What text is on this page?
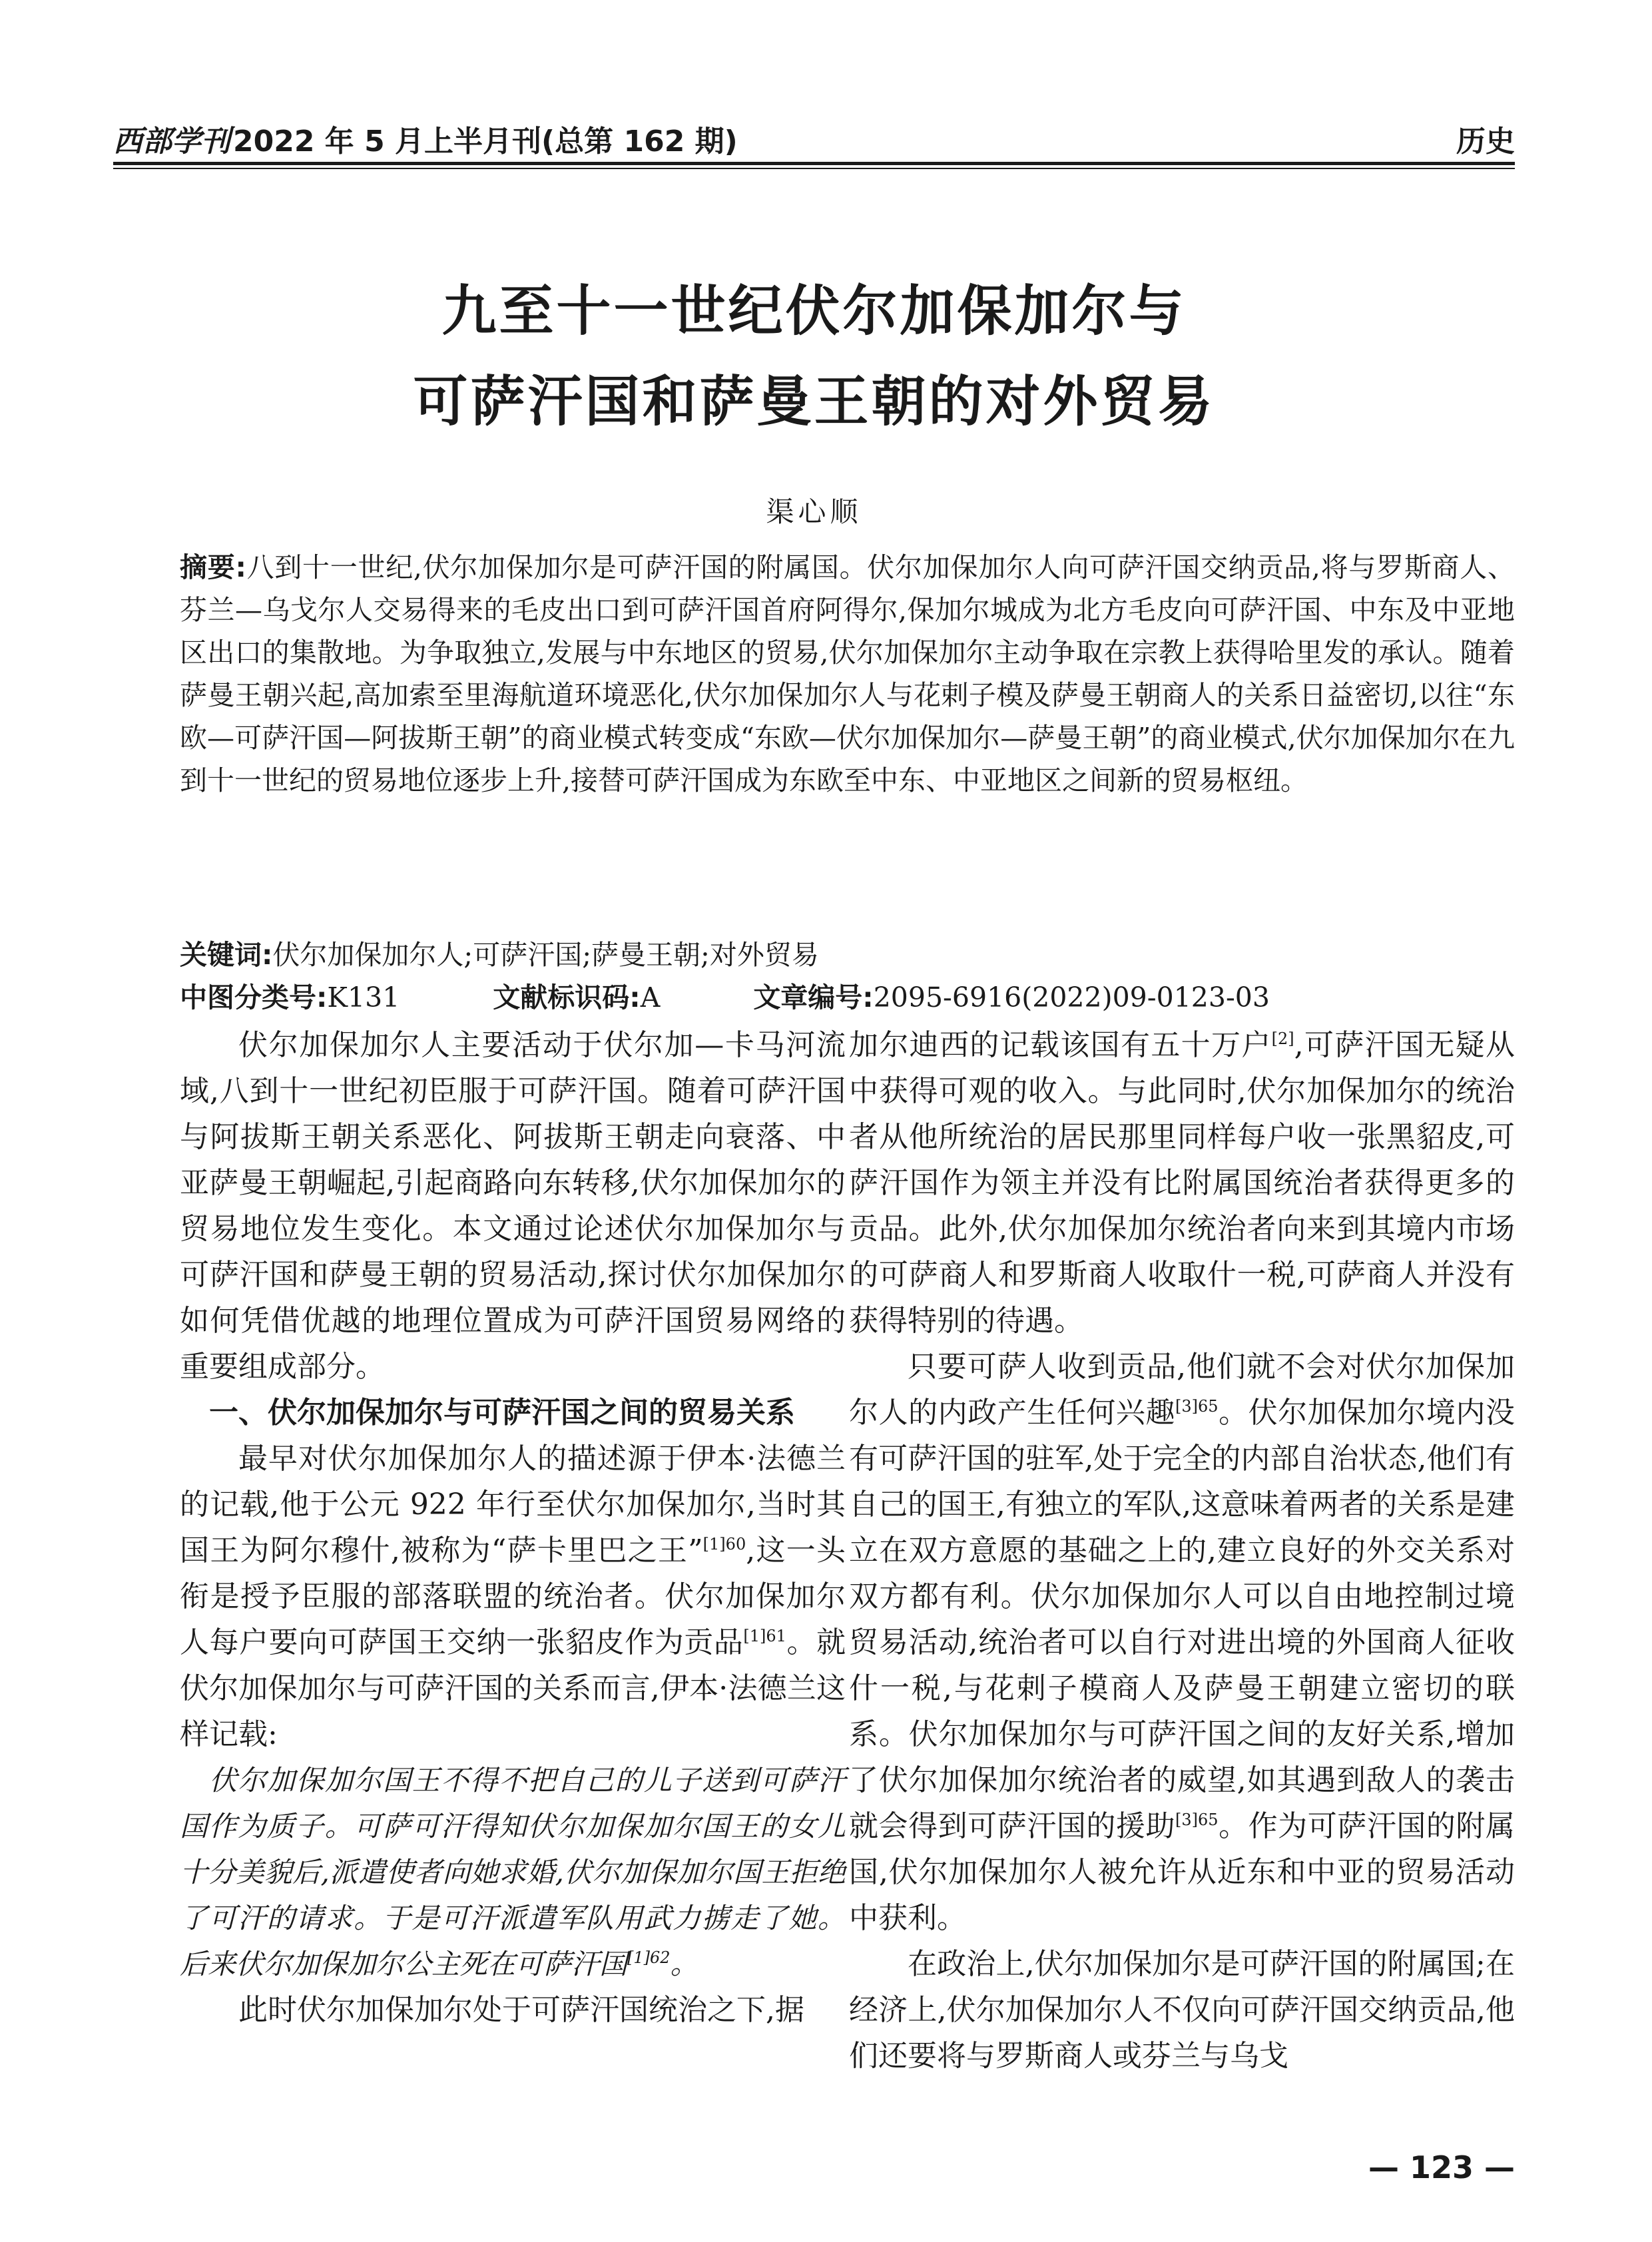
西部学刊2022 年 5 月上半月刊(总第 162 期)	历史
九至十一世纪伏尔加保加尔与
可萨汗国和萨曼王朝的对外贸易
渠心顺

摘要:八到十一世纪,伏尔加保加尔是可萨汗国的附属国。伏尔加保加尔人向可萨汗国交纳贡品,将与罗斯商人、芬兰—乌戈尔人交易得来的毛皮出口到可萨汗国首府阿得尔,保加尔城成为北方毛皮向可萨汗国、中东及中亚地区出口的集散地。为争取独立,发展与中东地区的贸易,伏尔加保加尔主动争取在宗教上获得哈里发的承认。随着萨曼王朝兴起,高加索至里海航道环境恶化,伏尔加保加尔人与花剌子模及萨曼王朝商人的关系日益密切,以往“东欧—可萨汗国—阿拔斯王朝”的商业模式转变成“东欧—伏尔加保加尔—萨曼王朝”的商业模式,伏尔加保加尔在九到十一世纪的贸易地位逐步上升,接替可萨汗国成为东欧至中东、中亚地区之间新的贸易枢纽。

关键词:伏尔加保加尔人;可萨汗国;萨曼王朝;对外贸易
中图分类号:K131	文献标识码:A	文章编号:2095-6916(2022)09-0123-03

伏尔加保加尔人主要活动于伏尔加—卡马河流域,八到十一世纪初臣服于可萨汗国。随着可萨汗国与阿拔斯王朝关系恶化、阿拔斯王朝走向衰落、中亚萨曼王朝崛起,引起商路向东转移,伏尔加保加尔的贸易地位发生变化。本文通过论述伏尔加保加尔与可萨汗国和萨曼王朝的贸易活动,探讨伏尔加保加尔如何凭借优越的地理位置成为可萨汗国贸易网络的重要组成部分。

一、伏尔加保加尔与可萨汗国之间的贸易关系

最早对伏尔加保加尔人的描述源于伊本·法德兰的记载,他于公元 922 年行至伏尔加保加尔,当时其国王为阿尔穆什,被称为“萨卡里巴之王”$^{[1]60}$,这一头衔是授予臣服的部落联盟的统治者。伏尔加保加尔人每户要向可萨国王交纳一张貂皮作为贡品$^{[1]61}$。就伏尔加保加尔与可萨汗国的关系而言,伊本·法德兰这样记载:

伏尔加保加尔国王不得不把自己的儿子送到可萨汗国作为质子。可萨可汗得知伏尔加保加尔国王的女儿十分美貌后,派遣使者向她求婚,伏尔加保加尔国王拒绝了可汗的请求。于是可汗派遣军队用武力掳走了她。后来伏尔加保加尔公主死在可萨汗国$^{[1]62}$。

此时伏尔加保加尔处于可萨汗国统治之下,据

加尔迪西的记载该国有五十万户[2],可萨汗国无疑从中获得可观的收入。与此同时,伏尔加保加尔的统治者从他所统治的居民那里同样每户收一张黑貂皮,可萨汗国作为领主并没有比附属国统治者获得更多的贡品。此外,伏尔加保加尔统治者向来到其境内市场的可萨商人和罗斯商人收取什一税,可萨商人并没有获得特别的待遇。

只要可萨人收到贡品,他们就不会对伏尔加保加尔人的内政产生任何兴趣$^{[3]65}$。伏尔加保加尔境内没有可萨汗国的驻军,处于完全的内部自治状态,他们有自己的国王,有独立的军队,这意味着两者的关系是建立在双方意愿的基础之上的,建立良好的外交关系对双方都有利。伏尔加保加尔人可以自由地控制过境贸易活动,统治者可以自行对进出境的外国商人征收什一税,与花剌子模商人及萨曼王朝建立密切的联系。伏尔加保加尔与可萨汗国之间的友好关系,增加了伏尔加保加尔统治者的威望,如其遇到敌人的袭击就会得到可萨汗国的援助$^{[3]65}$。作为可萨汗国的附属国,伏尔加保加尔人被允许从近东和中亚的贸易活动中获利。

在政治上,伏尔加保加尔是可萨汗国的附属国;在经济上,伏尔加保加尔人不仅向可萨汗国交纳贡品,他们还要将与罗斯商人或芬兰与乌戈

— 123 —
